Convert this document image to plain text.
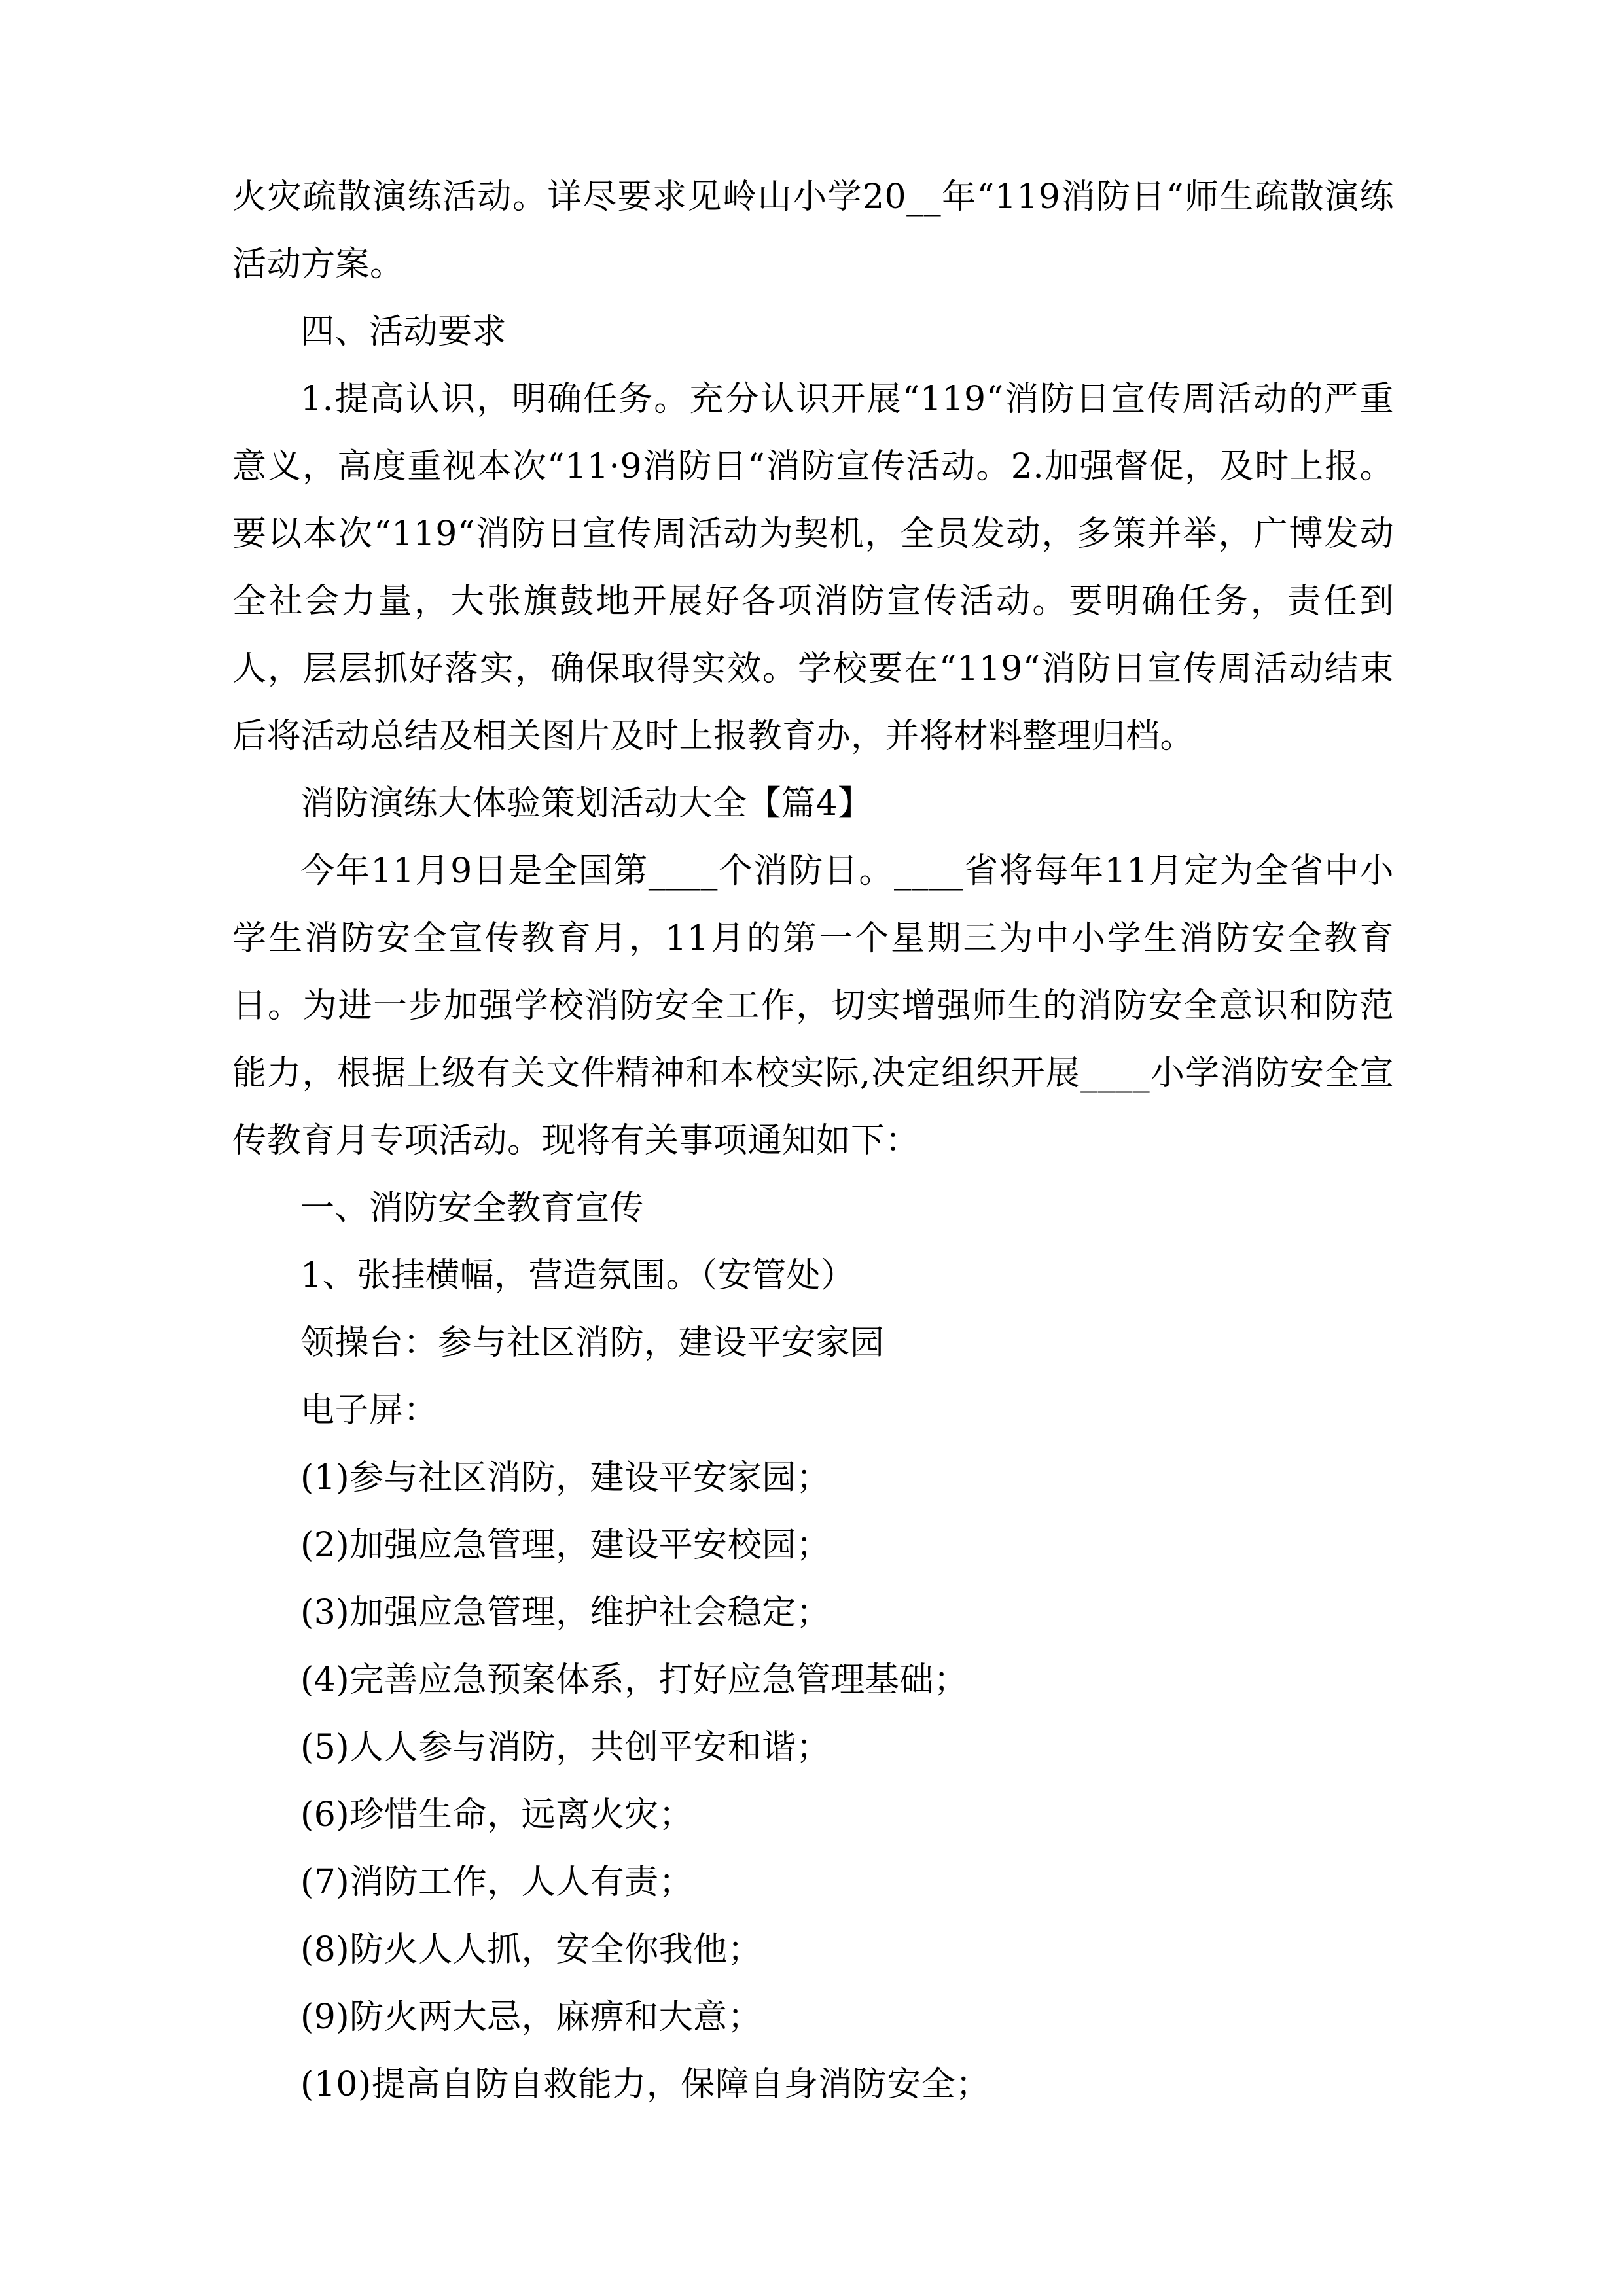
火灾疏散演练活动。详尽要求见岭山小学20__年“119消防日“师生疏散演练活动方案。

四、活动要求

1.提高认识，明确任务。充分认识开展“119“消防日宣传周活动的严重意义，高度重视本次“11·9消防日“消防宣传活动。2.加强督促，及时上报。要以本次“119“消防日宣传周活动为契机，全员发动，多策并举，广博发动全社会力量，大张旗鼓地开展好各项消防宣传活动。要明确任务，责任到人，层层抓好落实，确保取得实效。学校要在“119“消防日宣传周活动结束后将活动总结及相关图片及时上报教育办，并将材料整理归档。

消防演练大体验策划活动大全【篇4】

今年11月9日是全国第____个消防日。____省将每年11月定为全省中小学生消防安全宣传教育月，11月的第一个星期三为中小学生消防安全教育日。为进一步加强学校消防安全工作，切实增强师生的消防安全意识和防范能力，根据上级有关文件精神和本校实际,决定组织开展____小学消防安全宣传教育月专项活动。现将有关事项通知如下：

一、消防安全教育宣传

1、张挂横幅，营造氛围。（安管处）

领操台：参与社区消防，建设平安家园

电子屏：

(1)参与社区消防，建设平安家园；

(2)加强应急管理，建设平安校园；

(3)加强应急管理，维护社会稳定；

(4)完善应急预案体系，打好应急管理基础；

(5)人人参与消防，共创平安和谐；

(6)珍惜生命，远离火灾；

(7)消防工作，人人有责；

(8)防火人人抓，安全你我他；

(9)防火两大忌，麻痹和大意；

(10)提高自防自救能力，保障自身消防安全；
